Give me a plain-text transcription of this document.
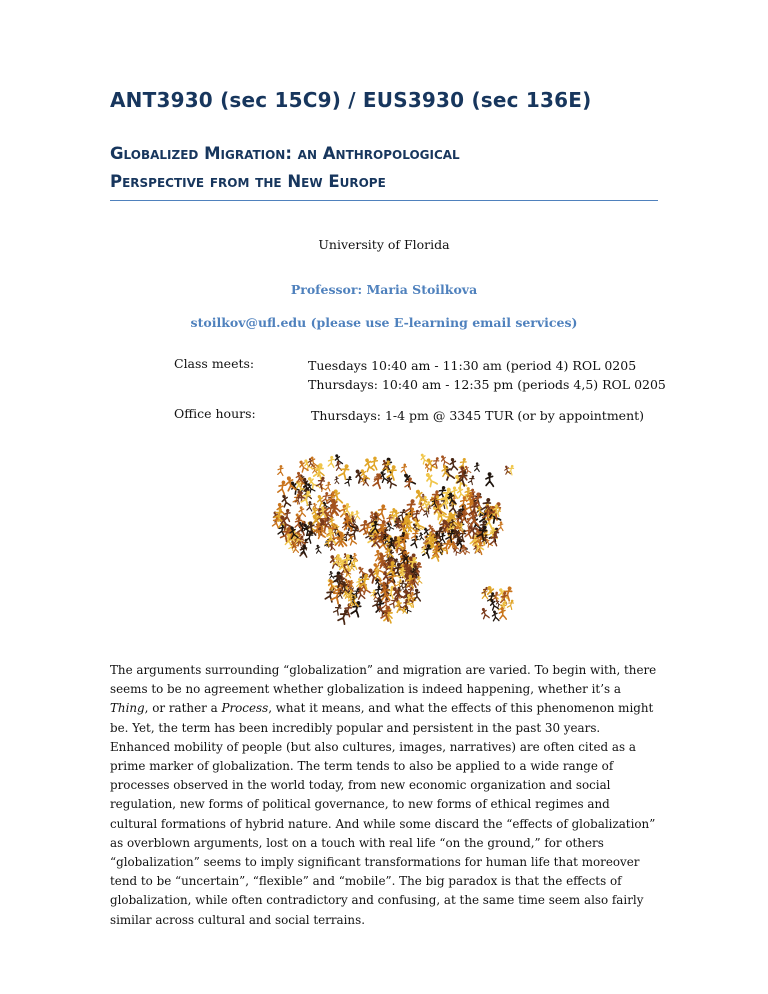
ANT3930 (sec 15C9) / EUS3930 (sec 136E)
Globalized Migration: an Anthropological
Perspective from the New Europe
University of Florida
Professor: Maria Stoilkova
stoilkov@ufl.edu (please use E-learning email services)
Class meets:	Tuesdays 10:40 am - 11:30 am (period 4) ROL 0205
Thursdays: 10:40 am - 12:35 pm (periods 4,5) ROL 0205
Office hours:	Thursdays: 1-4 pm @ 3345 TUR (or by appointment)

The arguments surrounding “globalization” and migration are varied. To begin with, there seems to be no agreement whether globalization is indeed happening, whether it’s a Thing, or rather a Process, what it means, and what the effects of this phenomenon might be. Yet, the term has been incredibly popular and persistent in the past 30 years. Enhanced mobility of people (but also cultures, images, narratives) are often cited as a prime marker of globalization. The term tends to also be applied to a wide range of processes observed in the world today, from new economic organization and social regulation, new forms of political governance, to new forms of ethical regimes and cultural formations of hybrid nature. And while some discard the “effects of globalization” as overblown arguments, lost on a touch with real life “on the ground,” for others “globalization” seems to imply significant transformations for human life that moreover tend to be “uncertain”, “flexible” and “mobile”. The big paradox is that the effects of globalization, while often contradictory and confusing, at the same time seem also fairly similar across cultural and social terrains.
